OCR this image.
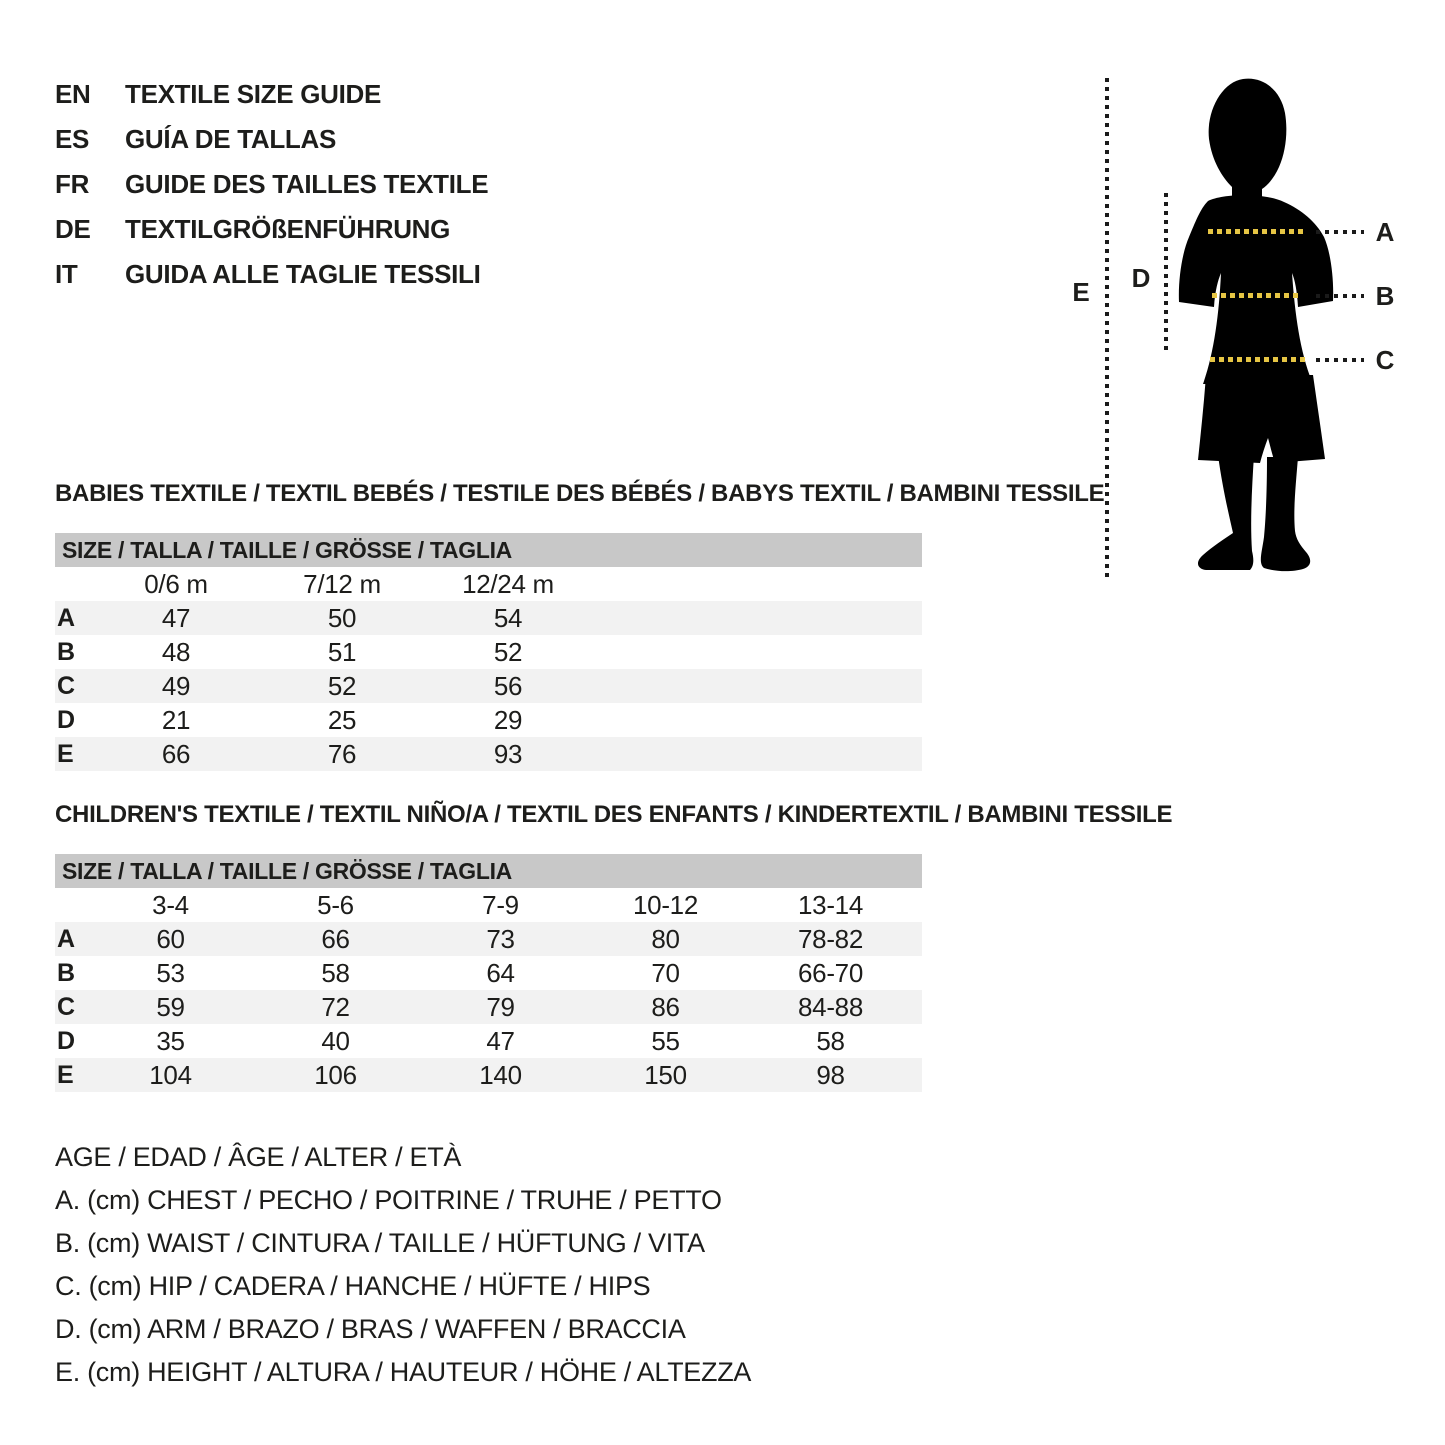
EN	TEXTILE SIZE GUIDE
ES	GUÍA DE TALLAS
FR	GUIDE DES TAILLES TEXTILE
DE	TEXTILGRÖßENFÜHRUNG
IT	GUIDA ALLE TAGLIE TESSILI
E D
A
B
C
BABIES TEXTILE / TEXTIL BEBÉS / TESTILE DES BÉBÉS / BABYS TEXTIL / BAMBINI TESSILE
SIZE / TALLA / TAILLE / GRÖSSE / TAGLIA
0/6 m	7/12 m	12/24 m
A	47	50	54
B	48	51	52
C	49	52	56
D	21	25	29
E	66	76	93
CHILDREN'S TEXTILE / TEXTIL NIÑO/A / TEXTIL DES ENFANTS / KINDERTEXTIL / BAMBINI TESSILE
SIZE / TALLA / TAILLE / GRÖSSE / TAGLIA
3-4	5-6	7-9	10-12	13-14
A	60	66	73	80	78-82
B	53	58	64	70	66-70
C	59	72	79	86	84-88
D	35	40	47	55	58
E	104	106	140	150	98
AGE / EDAD / ÂGE / ALTER / ETÀ
A. (cm) CHEST / PECHO / POITRINE / TRUHE / PETTO
B. (cm) WAIST / CINTURA / TAILLE / HÜFTUNG / VITA
C. (cm) HIP / CADERA / HANCHE / HÜFTE / HIPS
D. (cm) ARM / BRAZO / BRAS / WAFFEN / BRACCIA
E. (cm) HEIGHT / ALTURA / HAUTEUR / HÖHE / ALTEZZA
